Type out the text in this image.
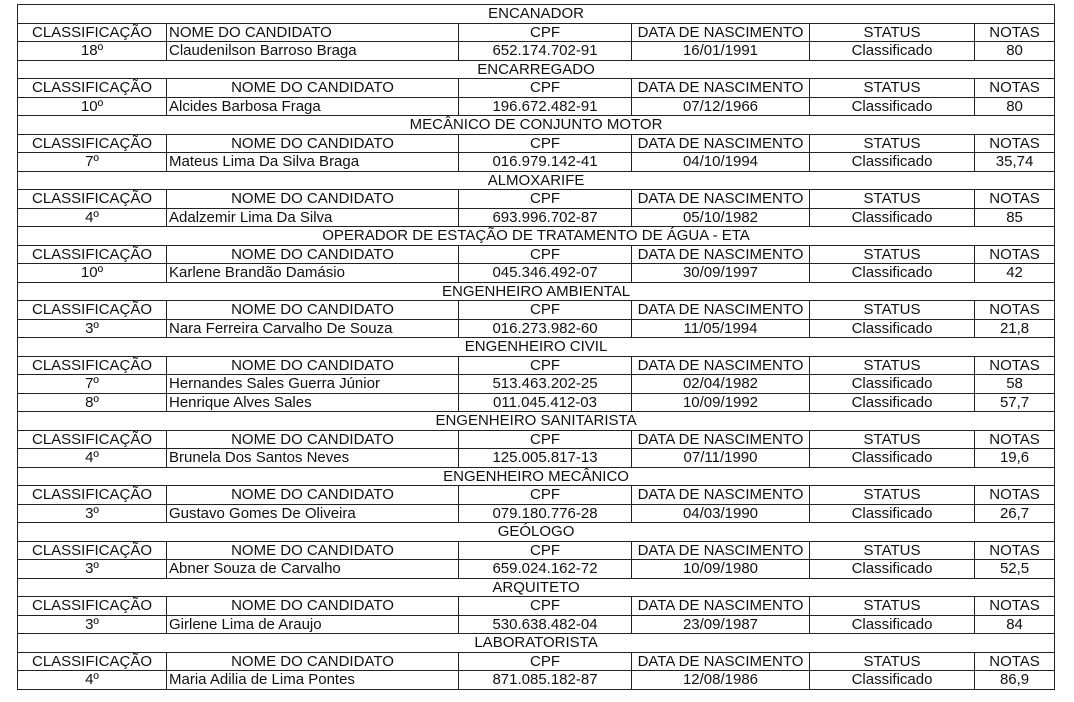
ENCANADOR					
CLASSIFICAÇÃO	NOME DO CANDIDATO	CPF	DATA DE NASCIMENTO	STATUS	NOTAS
18º	Claudenilson Barroso Braga	652.174.702-91	16/01/1991	Classificado	80
ENCARREGADO					
CLASSIFICAÇÃO	NOME DO CANDIDATO	CPF	DATA DE NASCIMENTO	STATUS	NOTAS
10º	Alcides Barbosa Fraga	196.672.482-91	07/12/1966	Classificado	80
MECÂNICO DE CONJUNTO MOTOR					
CLASSIFICAÇÃO	NOME DO CANDIDATO	CPF	DATA DE NASCIMENTO	STATUS	NOTAS
7º	Mateus Lima Da Silva Braga	016.979.142-41	04/10/1994	Classificado	35,74
ALMOXARIFE					
CLASSIFICAÇÃO	NOME DO CANDIDATO	CPF	DATA DE NASCIMENTO	STATUS	NOTAS
4º	Adalzemir Lima Da Silva	693.996.702-87	05/10/1982	Classificado	85
OPERADOR DE ESTAÇÃO DE TRATAMENTO DE ÁGUA - ETA					
CLASSIFICAÇÃO	NOME DO CANDIDATO	CPF	DATA DE NASCIMENTO	STATUS	NOTAS
10º	Karlene Brandão Damásio	045.346.492-07	30/09/1997	Classificado	42
ENGENHEIRO AMBIENTAL					
CLASSIFICAÇÃO	NOME DO CANDIDATO	CPF	DATA DE NASCIMENTO	STATUS	NOTAS
3º	Nara Ferreira Carvalho De Souza	016.273.982-60	11/05/1994	Classificado	21,8
ENGENHEIRO CIVIL					
CLASSIFICAÇÃO	NOME DO CANDIDATO	CPF	DATA DE NASCIMENTO	STATUS	NOTAS
7º	Hernandes Sales Guerra Júnior	513.463.202-25	02/04/1982	Classificado	58
8º	Henrique Alves Sales	011.045.412-03	10/09/1992	Classificado	57,7
ENGENHEIRO SANITARISTA					
CLASSIFICAÇÃO	NOME DO CANDIDATO	CPF	DATA DE NASCIMENTO	STATUS	NOTAS
4º	Brunela Dos Santos Neves	125.005.817-13	07/11/1990	Classificado	19,6
ENGENHEIRO MECÂNICO					
CLASSIFICAÇÃO	NOME DO CANDIDATO	CPF	DATA DE NASCIMENTO	STATUS	NOTAS
3º	Gustavo Gomes De Oliveira	079.180.776-28	04/03/1990	Classificado	26,7
GEÓLOGO					
CLASSIFICAÇÃO	NOME DO CANDIDATO	CPF	DATA DE NASCIMENTO	STATUS	NOTAS
3º	Abner Souza de Carvalho	659.024.162-72	10/09/1980	Classificado	52,5
ARQUITETO					
CLASSIFICAÇÃO	NOME DO CANDIDATO	CPF	DATA DE NASCIMENTO	STATUS	NOTAS
3º	Girlene Lima de Araujo	530.638.482-04	23/09/1987	Classificado	84
LABORATORISTA					
CLASSIFICAÇÃO	NOME DO CANDIDATO	CPF	DATA DE NASCIMENTO	STATUS	NOTAS
4º	Maria Adilia de Lima Pontes	871.085.182-87	12/08/1986	Classificado	86,9
